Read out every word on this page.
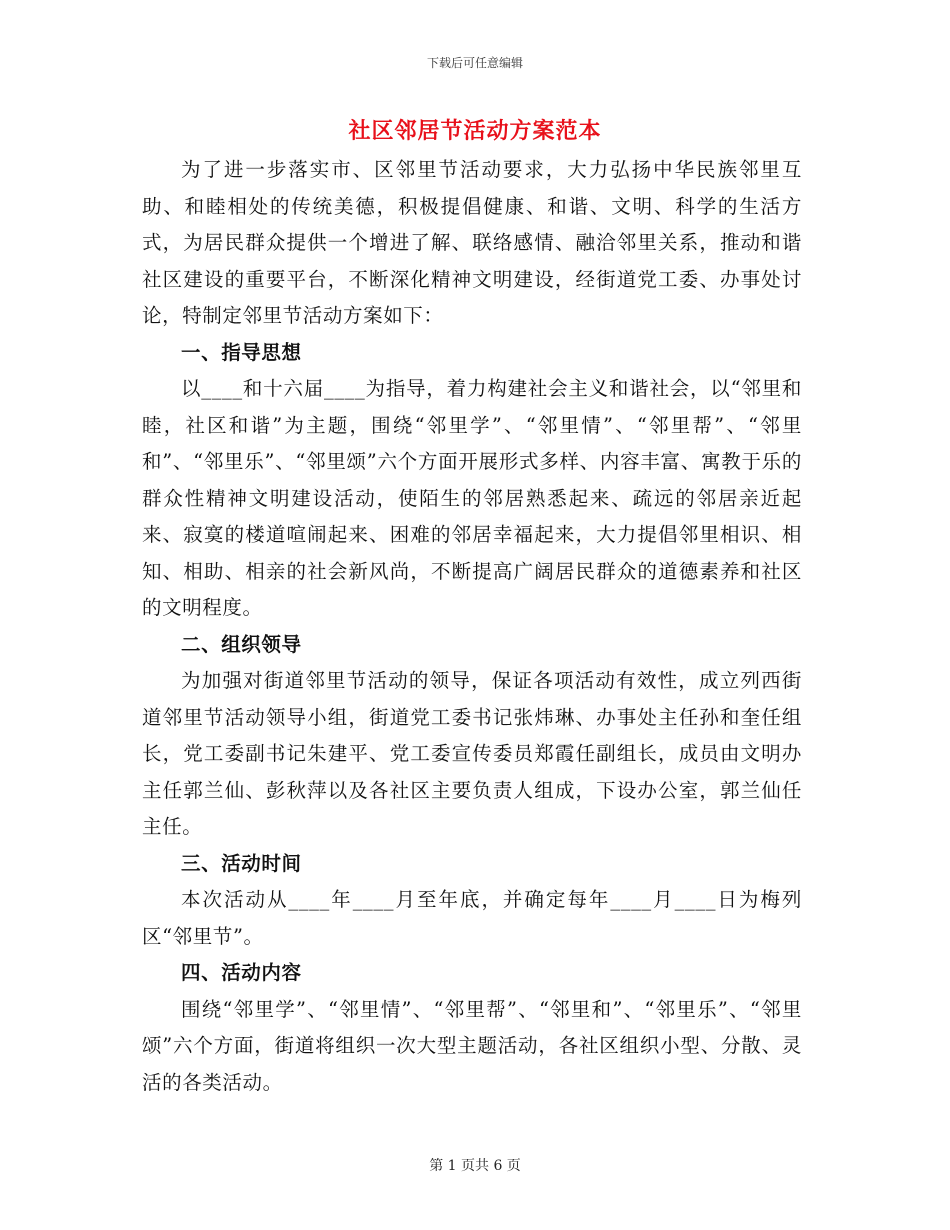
下载后可任意编辑
社区邻居节活动方案范本

为了进一步落实市、区邻里节活动要求，大力弘扬中华民族邻里互助、和睦相处的传统美德，积极提倡健康、和谐、文明、科学的生活方式，为居民群众提供一个增进了解、联络感情、融洽邻里关系，推动和谐社区建设的重要平台，不断深化精神文明建设，经街道党工委、办事处讨论，特制定邻里节活动方案如下：

一、指导思想

以____和十六届____为指导，着力构建社会主义和谐社会，以“邻里和睦，社区和谐”为主题，围绕“邻里学”、“邻里情”、“邻里帮”、“邻里和”、“邻里乐”、“邻里颂”六个方面开展形式多样、内容丰富、寓教于乐的群众性精神文明建设活动，使陌生的邻居熟悉起来、疏远的邻居亲近起来、寂寞的楼道喧闹起来、困难的邻居幸福起来，大力提倡邻里相识、相知、相助、相亲的社会新风尚，不断提高广阔居民群众的道德素养和社区的文明程度。

二、组织领导

为加强对街道邻里节活动的领导，保证各项活动有效性，成立列西街道邻里节活动领导小组，街道党工委书记张炜琳、办事处主任孙和奎任组长，党工委副书记朱建平、党工委宣传委员郑霞任副组长，成员由文明办主任郭兰仙、彭秋萍以及各社区主要负责人组成，下设办公室，郭兰仙任主任。

三、活动时间

本次活动从____年____月至年底，并确定每年____月____日为梅列区“邻里节”。

四、活动内容

围绕“邻里学”、“邻里情”、“邻里帮”、“邻里和”、“邻里乐”、“邻里颂”六个方面，街道将组织一次大型主题活动，各社区组织小型、分散、灵活的各类活动。

第 1 页共 6 页
